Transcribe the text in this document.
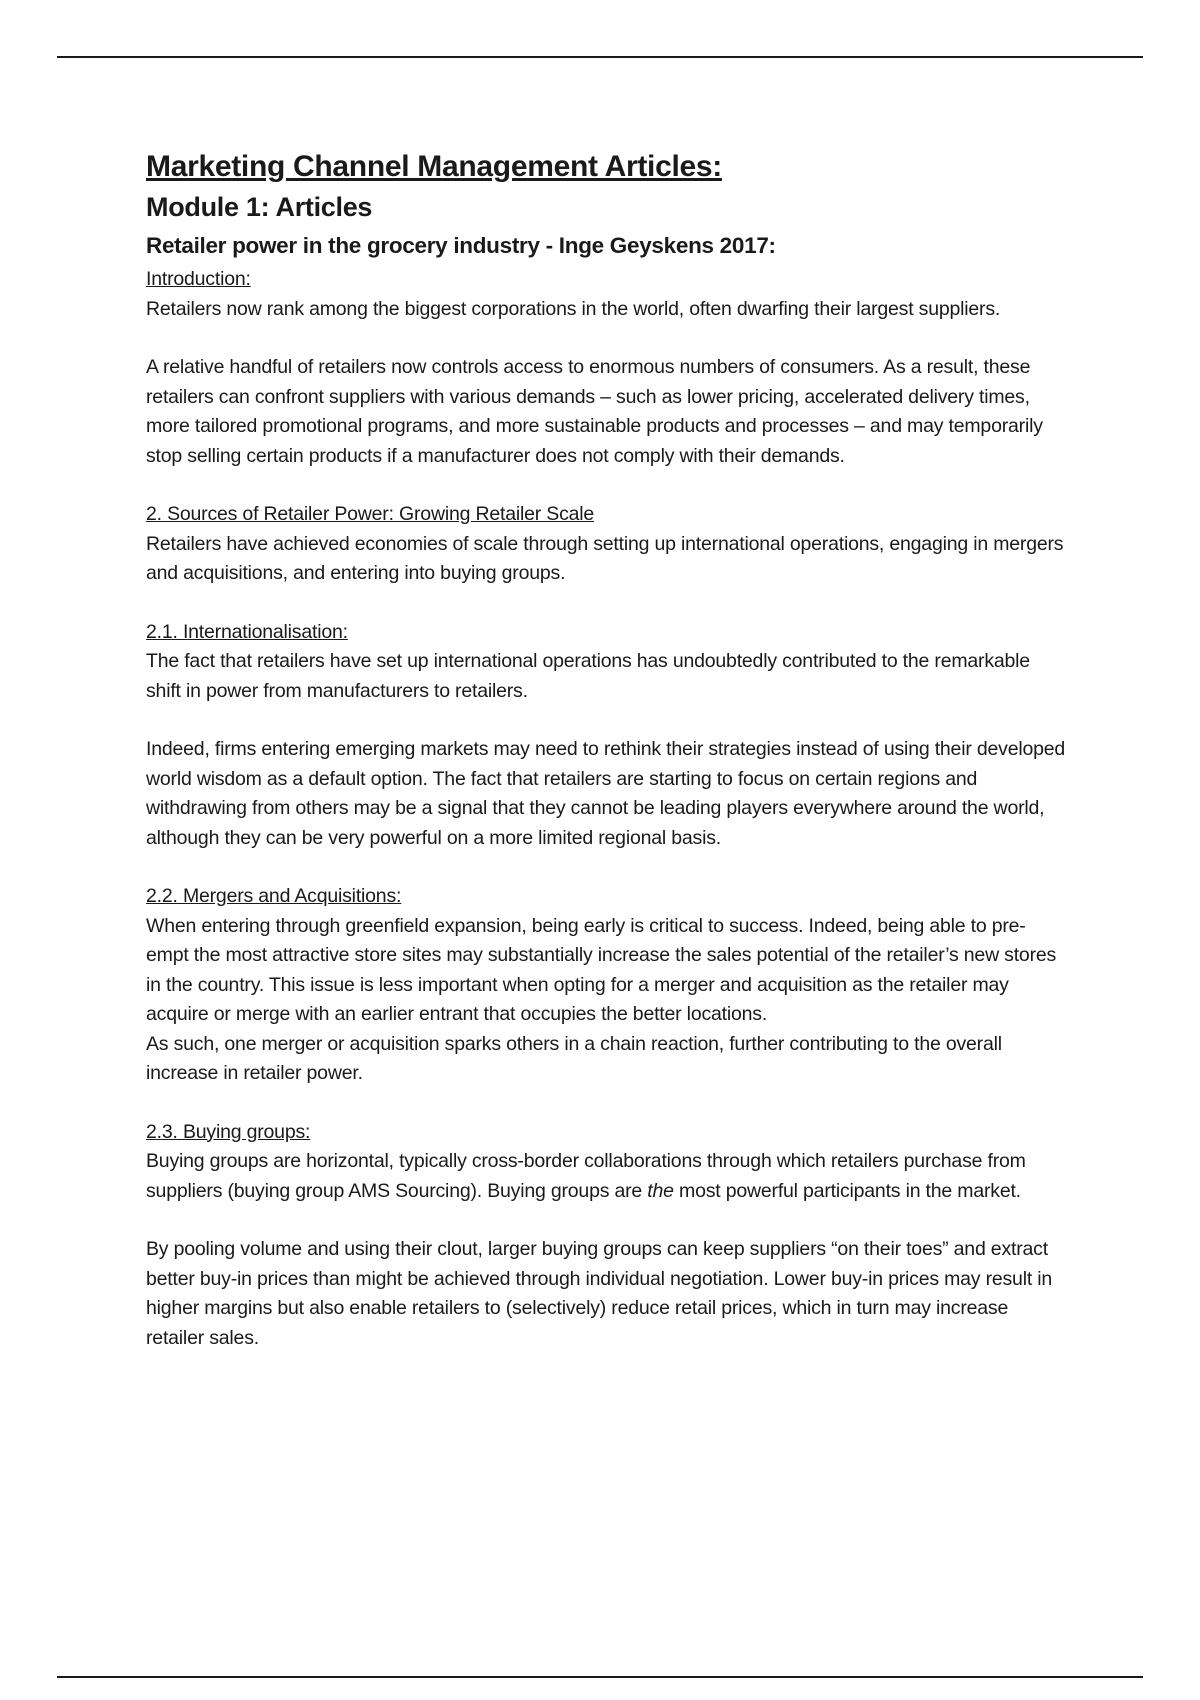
Marketing Channel Management Articles:
Module 1: Articles
Retailer power in the grocery industry - Inge Geyskens 2017:
Introduction:

Retailers now rank among the biggest corporations in the world, often dwarfing their largest suppliers.

A relative handful of retailers now controls access to enormous numbers of consumers. As a result, these retailers can confront suppliers with various demands – such as lower pricing, accelerated delivery times, more tailored promotional programs, and more sustainable products and processes – and may temporarily stop selling certain products if a manufacturer does not comply with their demands.

2. Sources of Retailer Power: Growing Retailer Scale

Retailers have achieved economies of scale through setting up international operations, engaging in mergers and acquisitions, and entering into buying groups.

2.1. Internationalisation:

The fact that retailers have set up international operations has undoubtedly contributed to the remarkable shift in power from manufacturers to retailers.

Indeed, firms entering emerging markets may need to rethink their strategies instead of using their developed world wisdom as a default option. The fact that retailers are starting to focus on certain regions and withdrawing from others may be a signal that they cannot be leading players everywhere around the world, although they can be very powerful on a more limited regional basis.

2.2. Mergers and Acquisitions:

When entering through greenfield expansion, being early is critical to success. Indeed, being able to pre-empt the most attractive store sites may substantially increase the sales potential of the retailer’s new stores in the country. This issue is less important when opting for a merger and acquisition as the retailer may acquire or merge with an earlier entrant that occupies the better locations.

As such, one merger or acquisition sparks others in a chain reaction, further contributing to the overall increase in retailer power.

2.3. Buying groups:

Buying groups are horizontal, typically cross-border collaborations through which retailers purchase from suppliers (buying group AMS Sourcing). Buying groups are the most powerful participants in the market.

By pooling volume and using their clout, larger buying groups can keep suppliers “on their toes” and extract better buy-in prices than might be achieved through individual negotiation. Lower buy-in prices may result in higher margins but also enable retailers to (selectively) reduce retail prices, which in turn may increase retailer sales.
